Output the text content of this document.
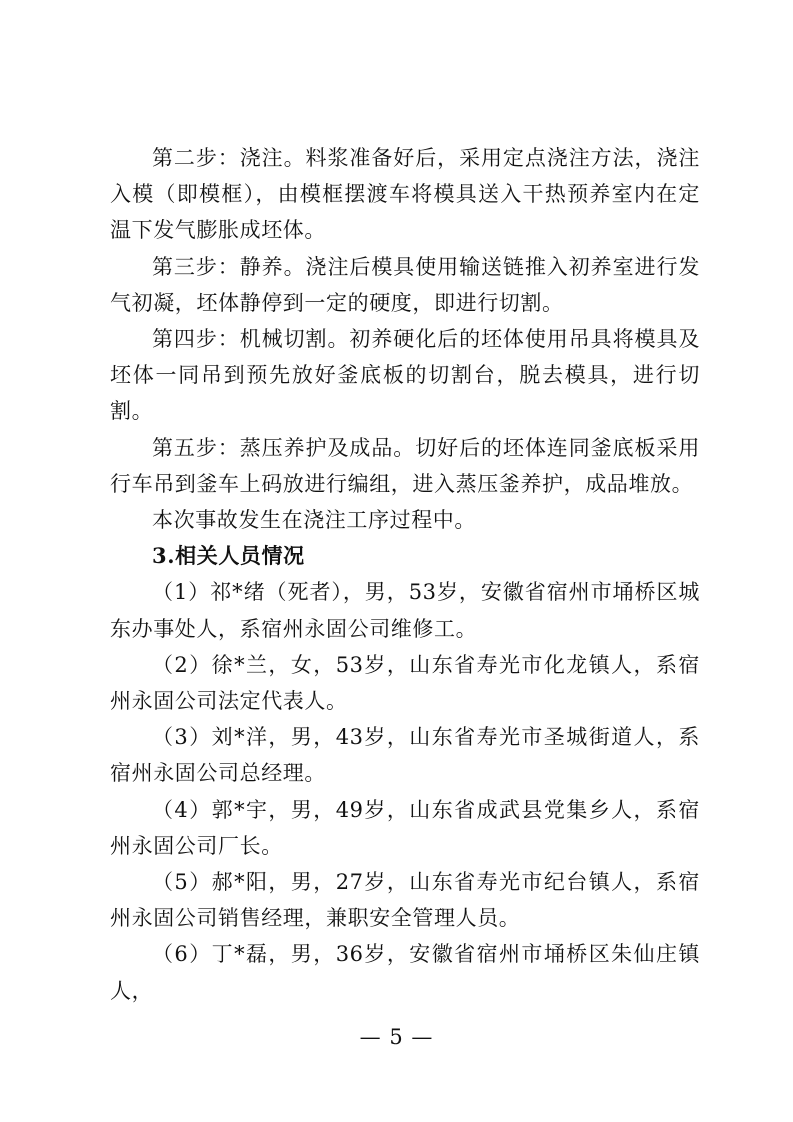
第二步：浇注。料浆准备好后，采用定点浇注方法，浇注入模（即模框），由模框摆渡车将模具送入干热预养室内在定温下发气膨胀成坯体。

第三步：静养。浇注后模具使用输送链推入初养室进行发气初凝，坯体静停到一定的硬度，即进行切割。

第四步：机械切割。初养硬化后的坯体使用吊具将模具及坯体一同吊到预先放好釜底板的切割台，脱去模具，进行切割。

第五步：蒸压养护及成品。切好后的坯体连同釜底板采用行车吊到釜车上码放进行编组，进入蒸压釜养护，成品堆放。

本次事故发生在浇注工序过程中。

3.相关人员情况

（1）祁*绪（死者），男，53岁，安徽省宿州市埇桥区城东办事处人，系宿州永固公司维修工。

（2）徐*兰，女，53岁，山东省寿光市化龙镇人，系宿州永固公司法定代表人。

（3）刘*洋，男，43岁，山东省寿光市圣城街道人，系宿州永固公司总经理。

（4）郭*宇，男，49岁，山东省成武县党集乡人，系宿州永固公司厂长。

（5）郝*阳，男，27岁，山东省寿光市纪台镇人，系宿州永固公司销售经理，兼职安全管理人员。

（6）丁*磊，男，36岁，安徽省宿州市埇桥区朱仙庄镇人，

— 5 —
